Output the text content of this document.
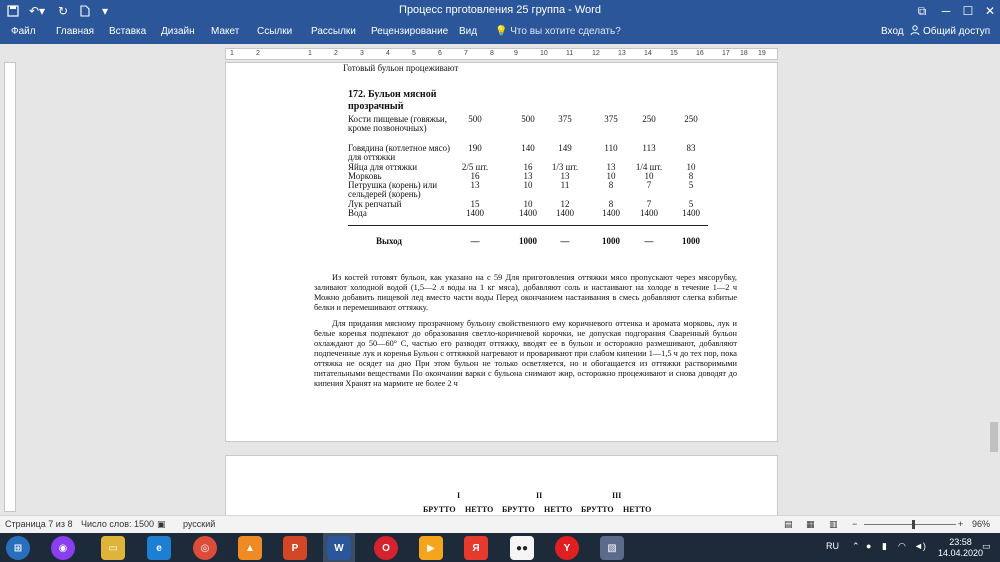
↶▾	↻	▾	Процесс пргotовления 25 группа - Word	⧉	─	☐ ✕
Файл Главная Вставка Дизайн Макет Ссылки Рассылки Рецензирование Вид 💡 Что вы хотите сделать?	Вход Общий доступ
1	2	1	2	3	4	5	6	7	8	9	10	11	12	13	14	15	16	17 18 19
Готовый бульон процеживают
172. Бульон мясной
прозрачный
Кости пищевые (говяжьи, кроме позвоночных)
500	500	375	375	250	250
Говядина (котлетное мясо) для оттяжки
190	140	149	110	113	83
Яйца для оттяжки	2/5 шт.	16	1/3 шт.	13	1/4 шт.	10
Морковь	16	13	13	10	10	8
Петрушка (корень) или сельдерей (корень)
13	10	11	8	7	5
Лук репчатый	15	10	12	8	7	5
Вода	1400	1400	1400	1400	1400	1400
Выход	—	1000	—	1000	—	1000
Из костей готовят бульон, как указано на с 59 Для приготовления оттяжки мясо пропускают через мясорубку, заливают холодной водой (1,5—2 л воды на 1 кг мяса), добавляют соль и настаивают на холоде в течение 1—2 ч Можно добавить пищевой лед вместо части воды Перед окончанием настаивания в смесь добавляют слегка взбитые белки и перемешивают оттяжку.
Для придания мясному прозрачному бульону свойственного ему коричневого оттенка и аромата морковь, лук и белые коренья подпекают до образования светло-коричневой корочки, не допуская подгорания Сваренный бульон охлаждают до 50—60° С, частью его разводят оттяжку, вводят ее в бульон и осторожно размешивают, добавляют подпеченные лук и коренья Бульон с оттяжкой нагревают и проваривают при слабом кипении 1—1,5 ч до тех пор, пока оттяжка не осядет на дно При этом бульон не только осветляется, но и обогащается из оттяжки растворимыми питательными веществами По окончании варки с бульона снимают жир, осторожно процеживают и снова доводят до кипения Хранят на мармите не более 2 ч
I	II	III
БРУТТО НЕТТО БРУТТО НЕТТО БРУТТО НЕТТО
Страница 7 из 8 Число слов: 1500 ▣ русский	▤ ▦ ▥ −	+ 96%
⊞	◉	▭	e	◎	▲	P	W	O	▶	Я	●●	Y	▧	RU ⌃ ● ▮ ◠ ◄)	23:58
14.04.2020
▭
